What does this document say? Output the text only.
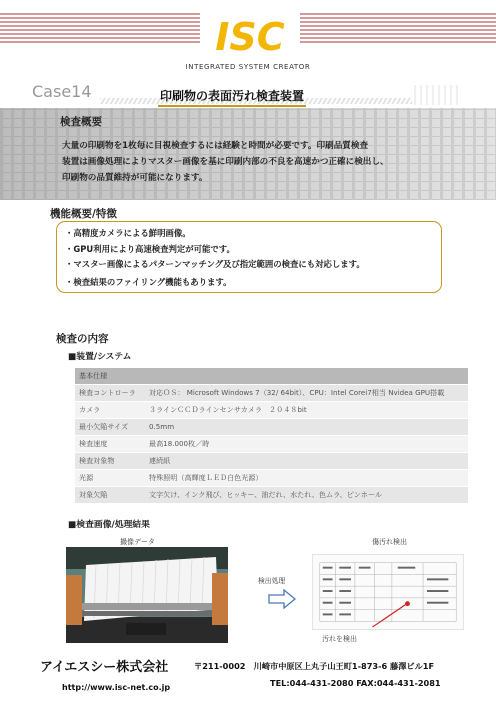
ISC
INTEGRATED SYSTEM CREATOR
Case14	印刷物の表面汚れ検査装置
検査概要
大量の印刷物を1枚毎に目視検査するには経験と時間が必要です。印刷品質検査
装置は画像処理によりマスター画像を基に印刷内部の不良を高速かつ正確に検出し、
印刷物の品質維持が可能になります。
機能概要/特徴
・高精度カメラによる鮮明画像。
・GPU利用により高速検査判定が可能です。
・マスター画像によるパターンマッチング及び指定範囲の検査にも対応します。
・検査結果のファイリング機能もあります。
検査の内容
■装置/システム
基本仕様
検査コントローラ	対応ＯＳ： Microsoft Windows 7（32/ 64bit）、CPU：Intel Corei7相当 Nvidea GPU搭載
カメラ	３ラインＣＣＤラインセンサカメラ　２０４８bit
最小欠陥サイズ	0.5mm
検査速度	最高18.000枚／時
検査対象物	連続紙
光源	特殊照明（高輝度ＬＥＤ白色光源）
対象欠陥	文字欠け、インク飛び、ヒッキー、油だれ、水たれ、色ムラ、ピンホール
■検査画像/処理結果
撮像データ	傷汚れ検出
検出処理
汚れを検出
アイエスシー株式会社
http://www.isc-net.co.jp
〒211-0002　川崎市中原区上丸子山王町1-873-6 藤澤ビル1F
TEL:044-431-2080 FAX:044-431-2081
